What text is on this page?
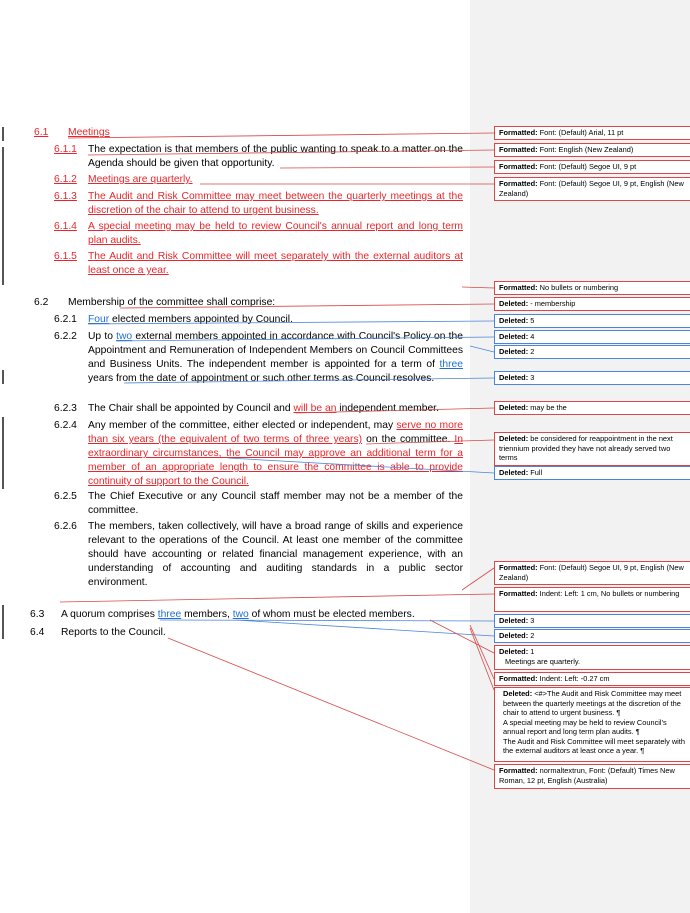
6.1 Meetings
6.1.1 The expectation is that members of the public wanting to speak to a matter on the Agenda should be given that opportunity.
6.1.2 Meetings are quarterly.
6.1.3 The Audit and Risk Committee may meet between the quarterly meetings at the discretion of the chair to attend to urgent business.
6.1.4 A special meeting may be held to review Council's annual report and long term plan audits.
6.1.5 The Audit and Risk Committee will meet separately with the external auditors at least once a year.
6.2 Membership of the committee shall comprise:
6.2.1 Four elected members appointed by Council.
6.2.2 Up to two external members appointed in accordance with Council's Policy on the Appointment and Remuneration of Independent Members on Council Committees and Business Units. The independent member is appointed for a term of three years from the date of appointment or such other terms as Council resolves.
6.2.3 The Chair shall be appointed by Council and will be an independent member.
6.2.4 Any member of the committee, either elected or independent, may serve no more than six years (the equivalent of two terms of three years) on the committee. In extraordinary circumstances, the Council may approve an additional term for a member of an appropriate length to ensure the committee is able to provide continuity of support to the Council.
6.2.5 The Chief Executive or any Council staff member may not be a member of the committee.
6.2.6 The members, taken collectively, will have a broad range of skills and experience relevant to the operations of the Council. At least one member of the committee should have accounting or related financial management experience, with an understanding of accounting and auditing standards in a public sector environment.
6.3 A quorum comprises three members, two of whom must be elected members.
6.4 Reports to the Council.
Formatted: Font: (Default) Arial, 11 pt
Formatted: Font: English (New Zealand)
Formatted: Font: (Default) Segoe UI, 9 pt
Formatted: Font: (Default) Segoe UI, 9 pt, English (New Zealand)
Formatted: No bullets or numbering
Deleted: - membership
Deleted: 5
Deleted: 4
Deleted: 2
Deleted: 3
Deleted: may be the
Deleted: be considered for reappointment in the next triennium provided they have not already served two terms
Deleted: Full
Formatted: Font: (Default) Segoe UI, 9 pt, English (New Zealand)
Formatted: Indent: Left: 1 cm, No bullets or numbering
Deleted: 3
Deleted: 2
Deleted: 1
Meetings are quarterly.
Formatted: Indent: Left: -0.27 cm
Deleted: <#>The Audit and Risk Committee may meet between the quarterly meetings at the discretion of the chair to attend to urgent business. ¶
A special meeting may be held to review Council's annual report and long term plan audits. ¶
The Audit and Risk Committee will meet separately with the external auditors at least once a year. ¶
Formatted: normaltextrun, Font: (Default) Times New Roman, 12 pt, English (Australia)
